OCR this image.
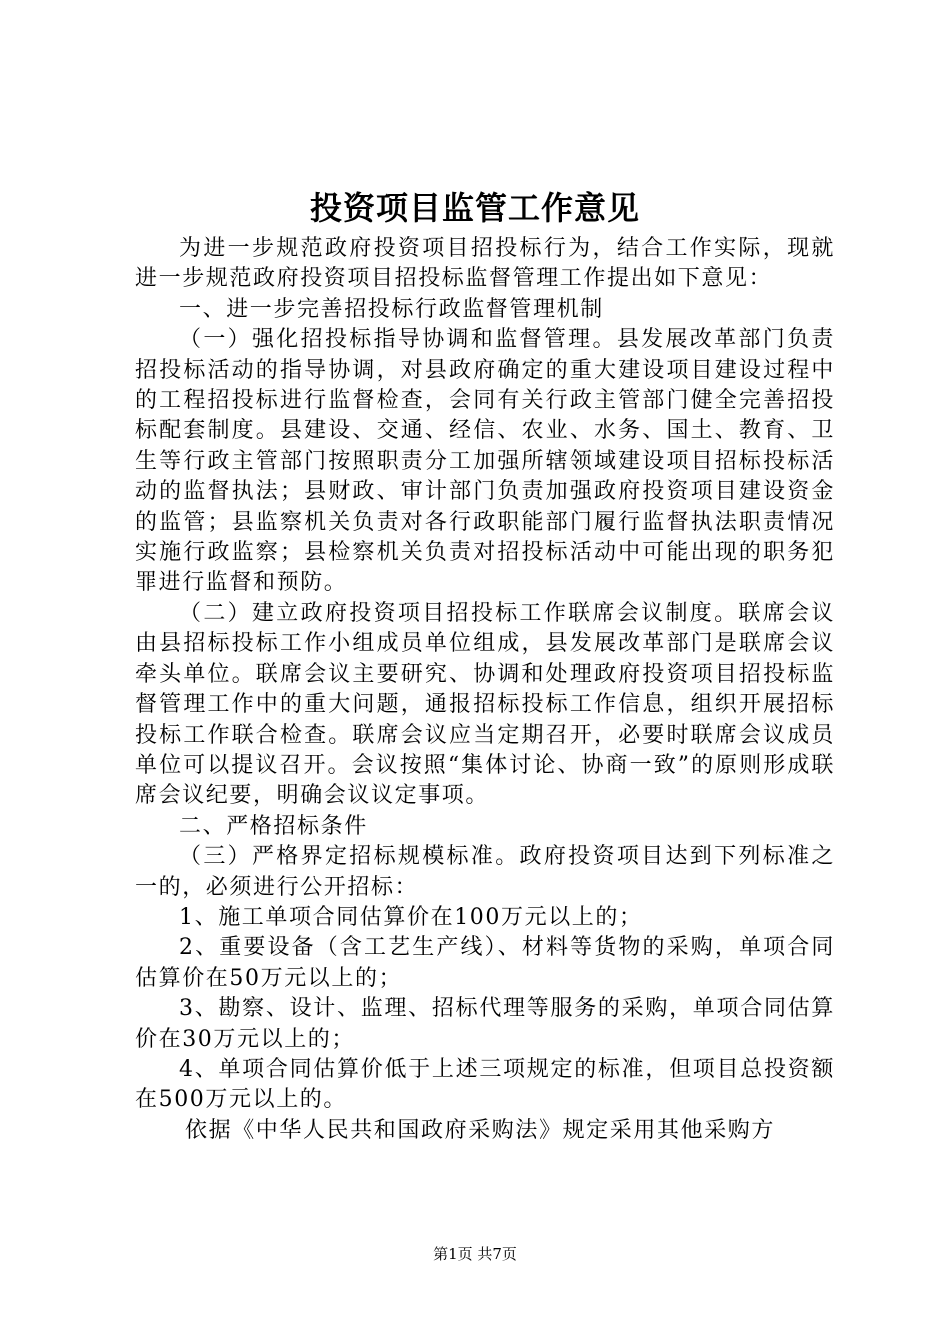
投资项目监管工作意见

为进一步规范政府投资项目招投标行为，结合工作实际，现就进一步规范政府投资项目招投标监督管理工作提出如下意见：

一、进一步完善招投标行政监督管理机制

（一）强化招投标指导协调和监督管理。县发展改革部门负责招投标活动的指导协调，对县政府确定的重大建设项目建设过程中的工程招投标进行监督检查，会同有关行政主管部门健全完善招投标配套制度。县建设、交通、经信、农业、水务、国土、教育、卫生等行政主管部门按照职责分工加强所辖领域建设项目招标投标活动的监督执法；县财政、审计部门负责加强政府投资项目建设资金的监管；县监察机关负责对各行政职能部门履行监督执法职责情况实施行政监察；县检察机关负责对招投标活动中可能出现的职务犯罪进行监督和预防。

（二）建立政府投资项目招投标工作联席会议制度。联席会议由县招标投标工作小组成员单位组成，县发展改革部门是联席会议牵头单位。联席会议主要研究、协调和处理政府投资项目招投标监督管理工作中的重大问题，通报招标投标工作信息，组织开展招标投标工作联合检查。联席会议应当定期召开，必要时联席会议成员单位可以提议召开。会议按照“集体讨论、协商一致”的原则形成联席会议纪要，明确会议议定事项。

二、严格招标条件

（三）严格界定招标规模标准。政府投资项目达到下列标准之一的，必须进行公开招标：

1、施工单项合同估算价在100万元以上的；

2、重要设备（含工艺生产线）、材料等货物的采购，单项合同估算价在50万元以上的；

3、勘察、设计、监理、招标代理等服务的采购，单项合同估算价在30万元以上的；

4、单项合同估算价低于上述三项规定的标准，但项目总投资额在500万元以上的。

依据《中华人民共和国政府采购法》规定采用其他采购方

第1页 共7页
